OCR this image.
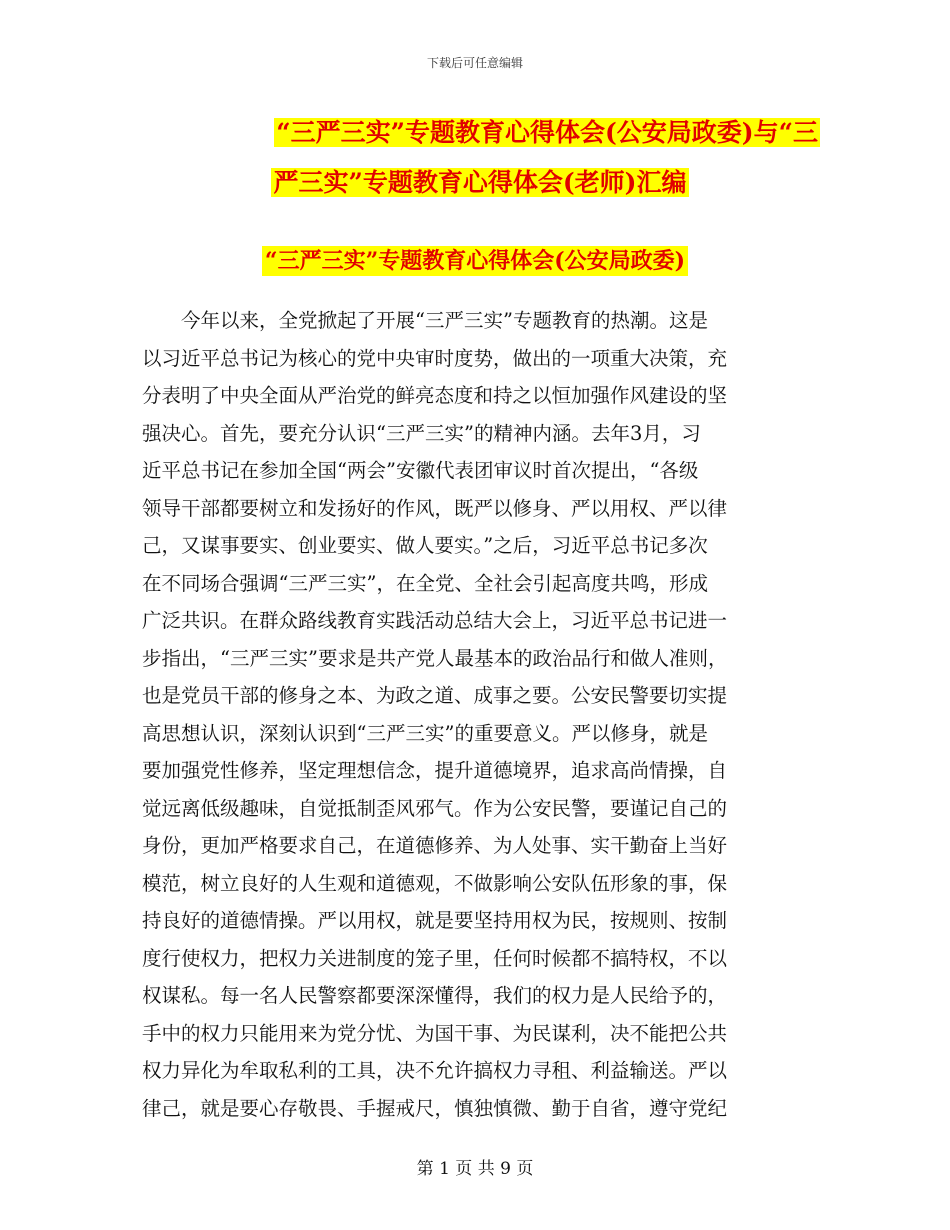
下载后可任意编辑
“三严三实”专题教育心得体会(公安局政委)与“三
严三实”专题教育心得体会(老师)汇编
“三严三实”专题教育心得体会(公安局政委)
　　今年以来，全党掀起了开展“三严三实”专题教育的热潮。这是
以习近平总书记为核心的党中央审时度势，做出的一项重大决策，充
分表明了中央全面从严治党的鲜亮态度和持之以恒加强作风建设的坚
强决心。首先，要充分认识“三严三实”的精神内涵。去年3月，习
近平总书记在参加全国“两会”安徽代表团审议时首次提出，“各级
领导干部都要树立和发扬好的作风，既严以修身、严以用权、严以律
己，又谋事要实、创业要实、做人要实。”之后，习近平总书记多次
在不同场合强调“三严三实”，在全党、全社会引起高度共鸣，形成
广泛共识。在群众路线教育实践活动总结大会上，习近平总书记进一
步指出，“三严三实”要求是共产党人最基本的政治品行和做人准则，
也是党员干部的修身之本、为政之道、成事之要。公安民警要切实提
高思想认识，深刻认识到“三严三实”的重要意义。严以修身，就是
要加强党性修养，坚定理想信念，提升道德境界，追求高尚情操，自
觉远离低级趣味，自觉抵制歪风邪气。作为公安民警，要谨记自己的
身份，更加严格要求自己，在道德修养、为人处事、实干勤奋上当好
模范，树立良好的人生观和道德观，不做影响公安队伍形象的事，保
持良好的道德情操。严以用权，就是要坚持用权为民，按规则、按制
度行使权力，把权力关进制度的笼子里，任何时候都不搞特权，不以
权谋私。每一名人民警察都要深深懂得，我们的权力是人民给予的，
手中的权力只能用来为党分忧、为国干事、为民谋利，决不能把公共
权力异化为牟取私利的工具，决不允许搞权力寻租、利益输送。严以
律己，就是要心存敬畏、手握戒尺，慎独慎微、勤于自省，遵守党纪
第 1 页 共 9 页
